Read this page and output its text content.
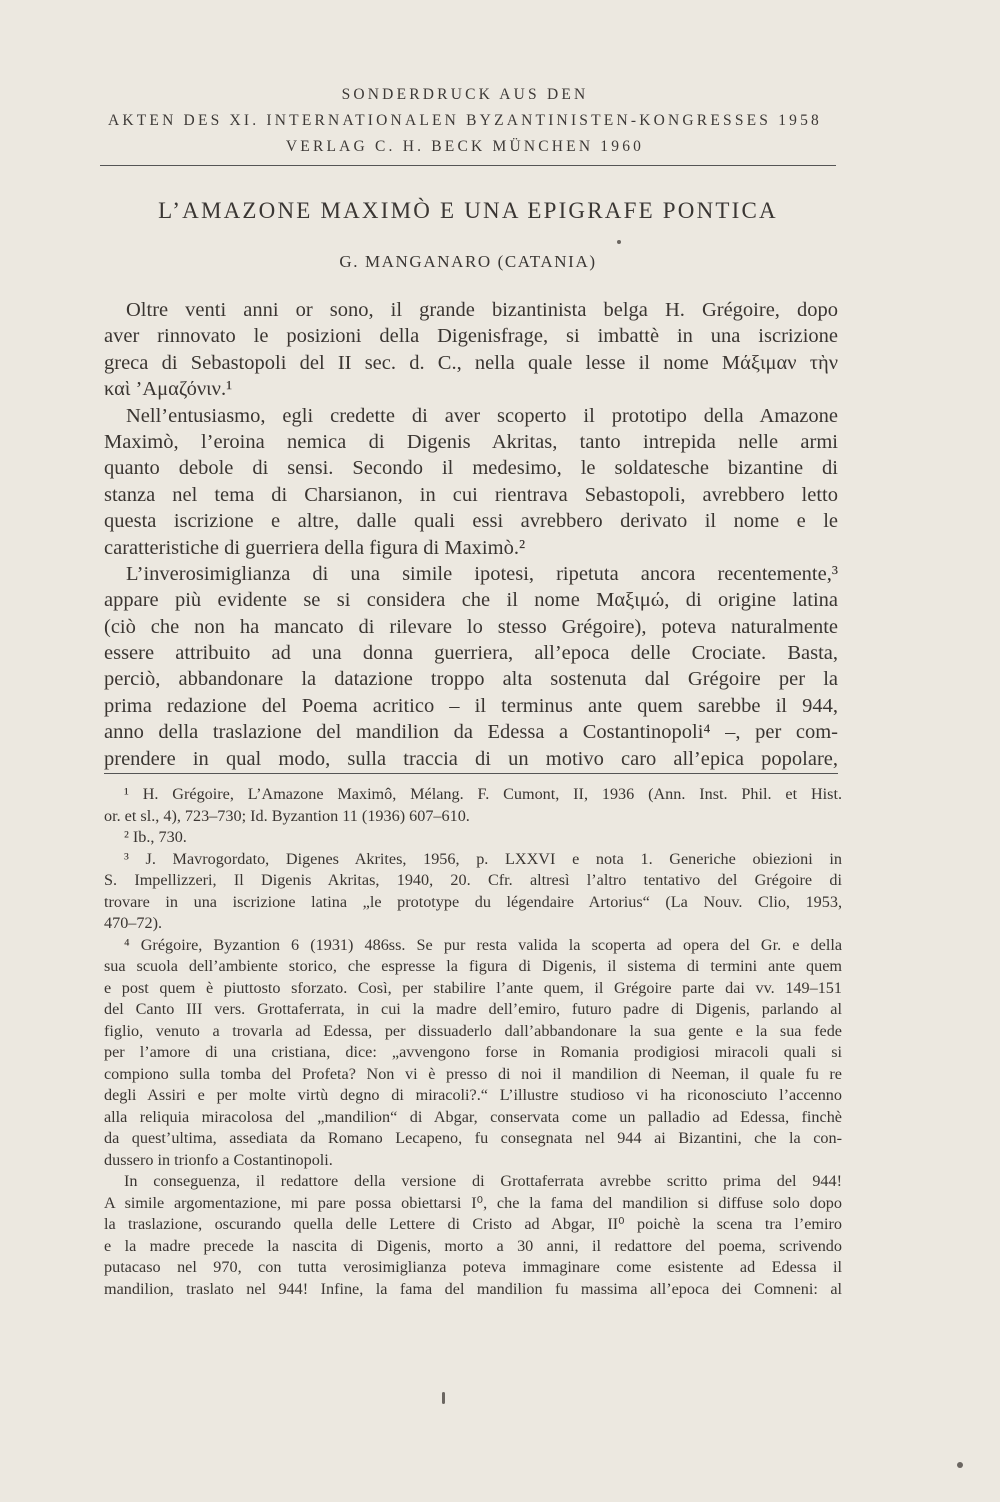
SONDERDRUCK AUS DEN
AKTEN DES XI. INTERNATIONALEN BYZANTINISTEN-KONGRESSES 1958
VERLAG C. H. BECK MÜNCHEN 1960
L’AMAZONE MAXIMÒ E UNA EPIGRAFE PONTICA
G. MANGANARO (CATANIA)
Oltre venti anni or sono, il grande bizantinista belga H. Grégoire, dopo
aver rinnovato le posizioni della Digenisfrage, si imbattè in una iscrizione
greca di Sebastopoli del II sec. d. C., nella quale lesse il nome Μάξιμαν τὴν
καὶ ’Αμαζόνιν.¹
Nell’entusiasmo, egli credette di aver scoperto il prototipo della Amazone
Maximò, l’eroina nemica di Digenis Akritas, tanto intrepida nelle armi
quanto debole di sensi. Secondo il medesimo, le soldatesche bizantine di
stanza nel tema di Charsianon, in cui rientrava Sebastopoli, avrebbero letto
questa iscrizione e altre, dalle quali essi avrebbero derivato il nome e le
caratteristiche di guerriera della figura di Maximò.²
L’inverosimiglianza di una simile ipotesi, ripetuta ancora recentemente,³
appare più evidente se si considera che il nome Μαξιμώ, di origine latina
(ciò che non ha mancato di rilevare lo stesso Grégoire), poteva naturalmente
essere attribuito ad una donna guerriera, all’epoca delle Crociate. Basta,
perciò, abbandonare la datazione troppo alta sostenuta dal Grégoire per la
prima redazione del Poema acritico – il terminus ante quem sarebbe il 944,
anno della traslazione del mandilion da Edessa a Costantinopoli⁴ –, per com-
prendere in qual modo, sulla traccia di un motivo caro all’epica popolare,
¹ H. Grégoire, L’Amazone Maximô, Mélang. F. Cumont, II, 1936 (Ann. Inst. Phil. et Hist.
or. et sl., 4), 723–730; Id. Byzantion 11 (1936) 607–610.
² Ib., 730.
³ J. Mavrogordato, Digenes Akrites, 1956, p. LXXVI e nota 1. Generiche obiezioni in
S. Impellizzeri, Il Digenis Akritas, 1940, 20. Cfr. altresì l’altro tentativo del Grégoire di
trovare in una iscrizione latina „le prototype du légendaire Artorius“ (La Nouv. Clio, 1953,
470–72).
⁴ Grégoire, Byzantion 6 (1931) 486ss. Se pur resta valida la scoperta ad opera del Gr. e della
sua scuola dell’ambiente storico, che espresse la figura di Digenis, il sistema di termini ante quem
e post quem è piuttosto sforzato. Così, per stabilire l’ante quem, il Grégoire parte dai vv. 149–151
del Canto III vers. Grottaferrata, in cui la madre dell’emiro, futuro padre di Digenis, parlando al
figlio, venuto a trovarla ad Edessa, per dissuaderlo dall’abbandonare la sua gente e la sua fede
per l’amore di una cristiana, dice: „avvengono forse in Romania prodigiosi miracoli quali si
compiono sulla tomba del Profeta? Non vi è presso di noi il mandilion di Neeman, il quale fu re
degli Assiri e per molte virtù degno di miracoli?.“ L’illustre studioso vi ha riconosciuto l’accenno
alla reliquia miracolosa del „mandilion“ di Abgar, conservata come un palladio ad Edessa, finchè
da quest’ultima, assediata da Romano Lecapeno, fu consegnata nel 944 ai Bizantini, che la con-
dussero in trionfo a Costantinopoli.
In conseguenza, il redattore della versione di Grottaferrata avrebbe scritto prima del 944!
A simile argomentazione, mi pare possa obiettarsi I⁰, che la fama del mandilion si diffuse solo dopo
la traslazione, oscurando quella delle Lettere di Cristo ad Abgar, II⁰ poichè la scena tra l’emiro
e la madre precede la nascita di Digenis, morto a 30 anni, il redattore del poema, scrivendo
putacaso nel 970, con tutta verosimiglianza poteva immaginare come esistente ad Edessa il
mandilion, traslato nel 944! Infine, la fama del mandilion fu massima all’epoca dei Comneni: al
